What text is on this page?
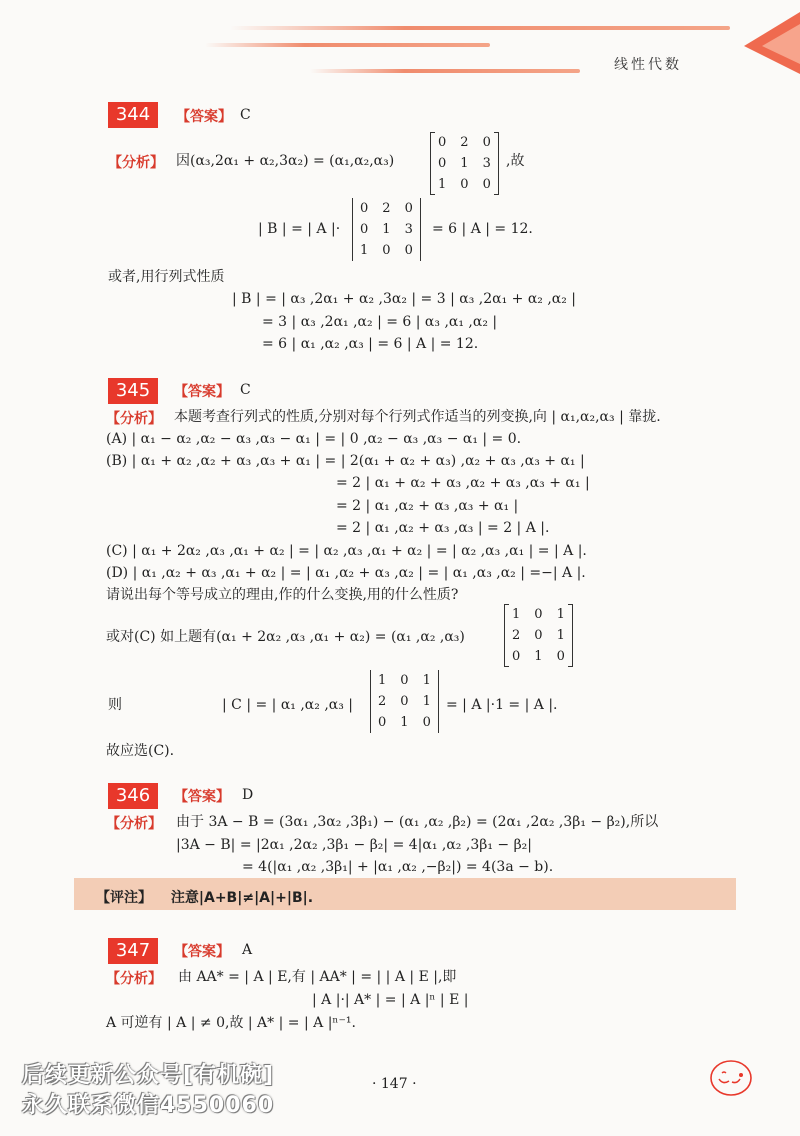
线性代数
344	【答案】 C
【分析】 因(α₃,2α₁ + α₂,3α₂) = (α₁,α₂,α₃)
0	2	0
0	1	3
1	0	0

,故
| B | = | A |·
0	2	0
0	1	3
1	0	0
= 6 | A | = 12.
或者,用行列式性质
| B | = | α₃ ,2α₁ + α₂ ,3α₂ | = 3 | α₃ ,2α₁ + α₂ ,α₂ |
= 3 | α₃ ,2α₁ ,α₂ | = 6 | α₃ ,α₁ ,α₂ |
= 6 | α₁ ,α₂ ,α₃ | = 6 | A | = 12.
345	【答案】 C
【分析】 本题考查行列式的性质,分别对每个行列式作适当的列变换,向 | α₁,α₂,α₃ | 靠拢.
(A) | α₁ − α₂ ,α₂ − α₃ ,α₃ − α₁ | = | 0 ,α₂ − α₃ ,α₃ − α₁ | = 0.
(B) | α₁ + α₂ ,α₂ + α₃ ,α₃ + α₁ | = | 2(α₁ + α₂ + α₃) ,α₂ + α₃ ,α₃ + α₁ |
= 2 | α₁ + α₂ + α₃ ,α₂ + α₃ ,α₃ + α₁ |
= 2 | α₁ ,α₂ + α₃ ,α₃ + α₁ |
= 2 | α₁ ,α₂ + α₃ ,α₃ | = 2 | A |.
(C) | α₁ + 2α₂ ,α₃ ,α₁ + α₂ | = | α₂ ,α₃ ,α₁ + α₂ | = | α₂ ,α₃ ,α₁ | = | A |.
(D) | α₁ ,α₂ + α₃ ,α₁ + α₂ | = | α₁ ,α₂ + α₃ ,α₂ | = | α₁ ,α₃ ,α₂ | =−| A |.
请说出每个等号成立的理由,作的什么变换,用的什么性质?
或对(C) 如上题有(α₁ + 2α₂ ,α₃ ,α₁ + α₂) = (α₁ ,α₂ ,α₃)
1	0	1
2	0	1
0	1	0

则	| C | = | α₁ ,α₂ ,α₃ |
1	0	1
2	0	1
0	1	0
= | A |·1 = | A |.
故应选(C).
346	【答案】 D
【分析】 由于 3A − B = (3α₁ ,3α₂ ,3β₁) − (α₁ ,α₂ ,β₂) = (2α₁ ,2α₂ ,3β₁ − β₂),所以
|3A − B| = |2α₁ ,2α₂ ,3β₁ − β₂| = 4|α₁ ,α₂ ,3β₁ − β₂|
= 4(|α₁ ,α₂ ,3β₁| + |α₁ ,α₂ ,−β₂|) = 4(3a − b).
【评注】 注意|A+B|≠|A|+|B|.
347	【答案】 A
【分析】 由 AA* = | A | E,有 | AA* | = | | A | E |,即
| A |·| A* | = | A |ⁿ | E |
A 可逆有 | A | ≠ 0,故 | A* | = | A |ⁿ⁻¹.
· 147 ·
后续更新公众号[有机碗]
永久联系微信4550060
